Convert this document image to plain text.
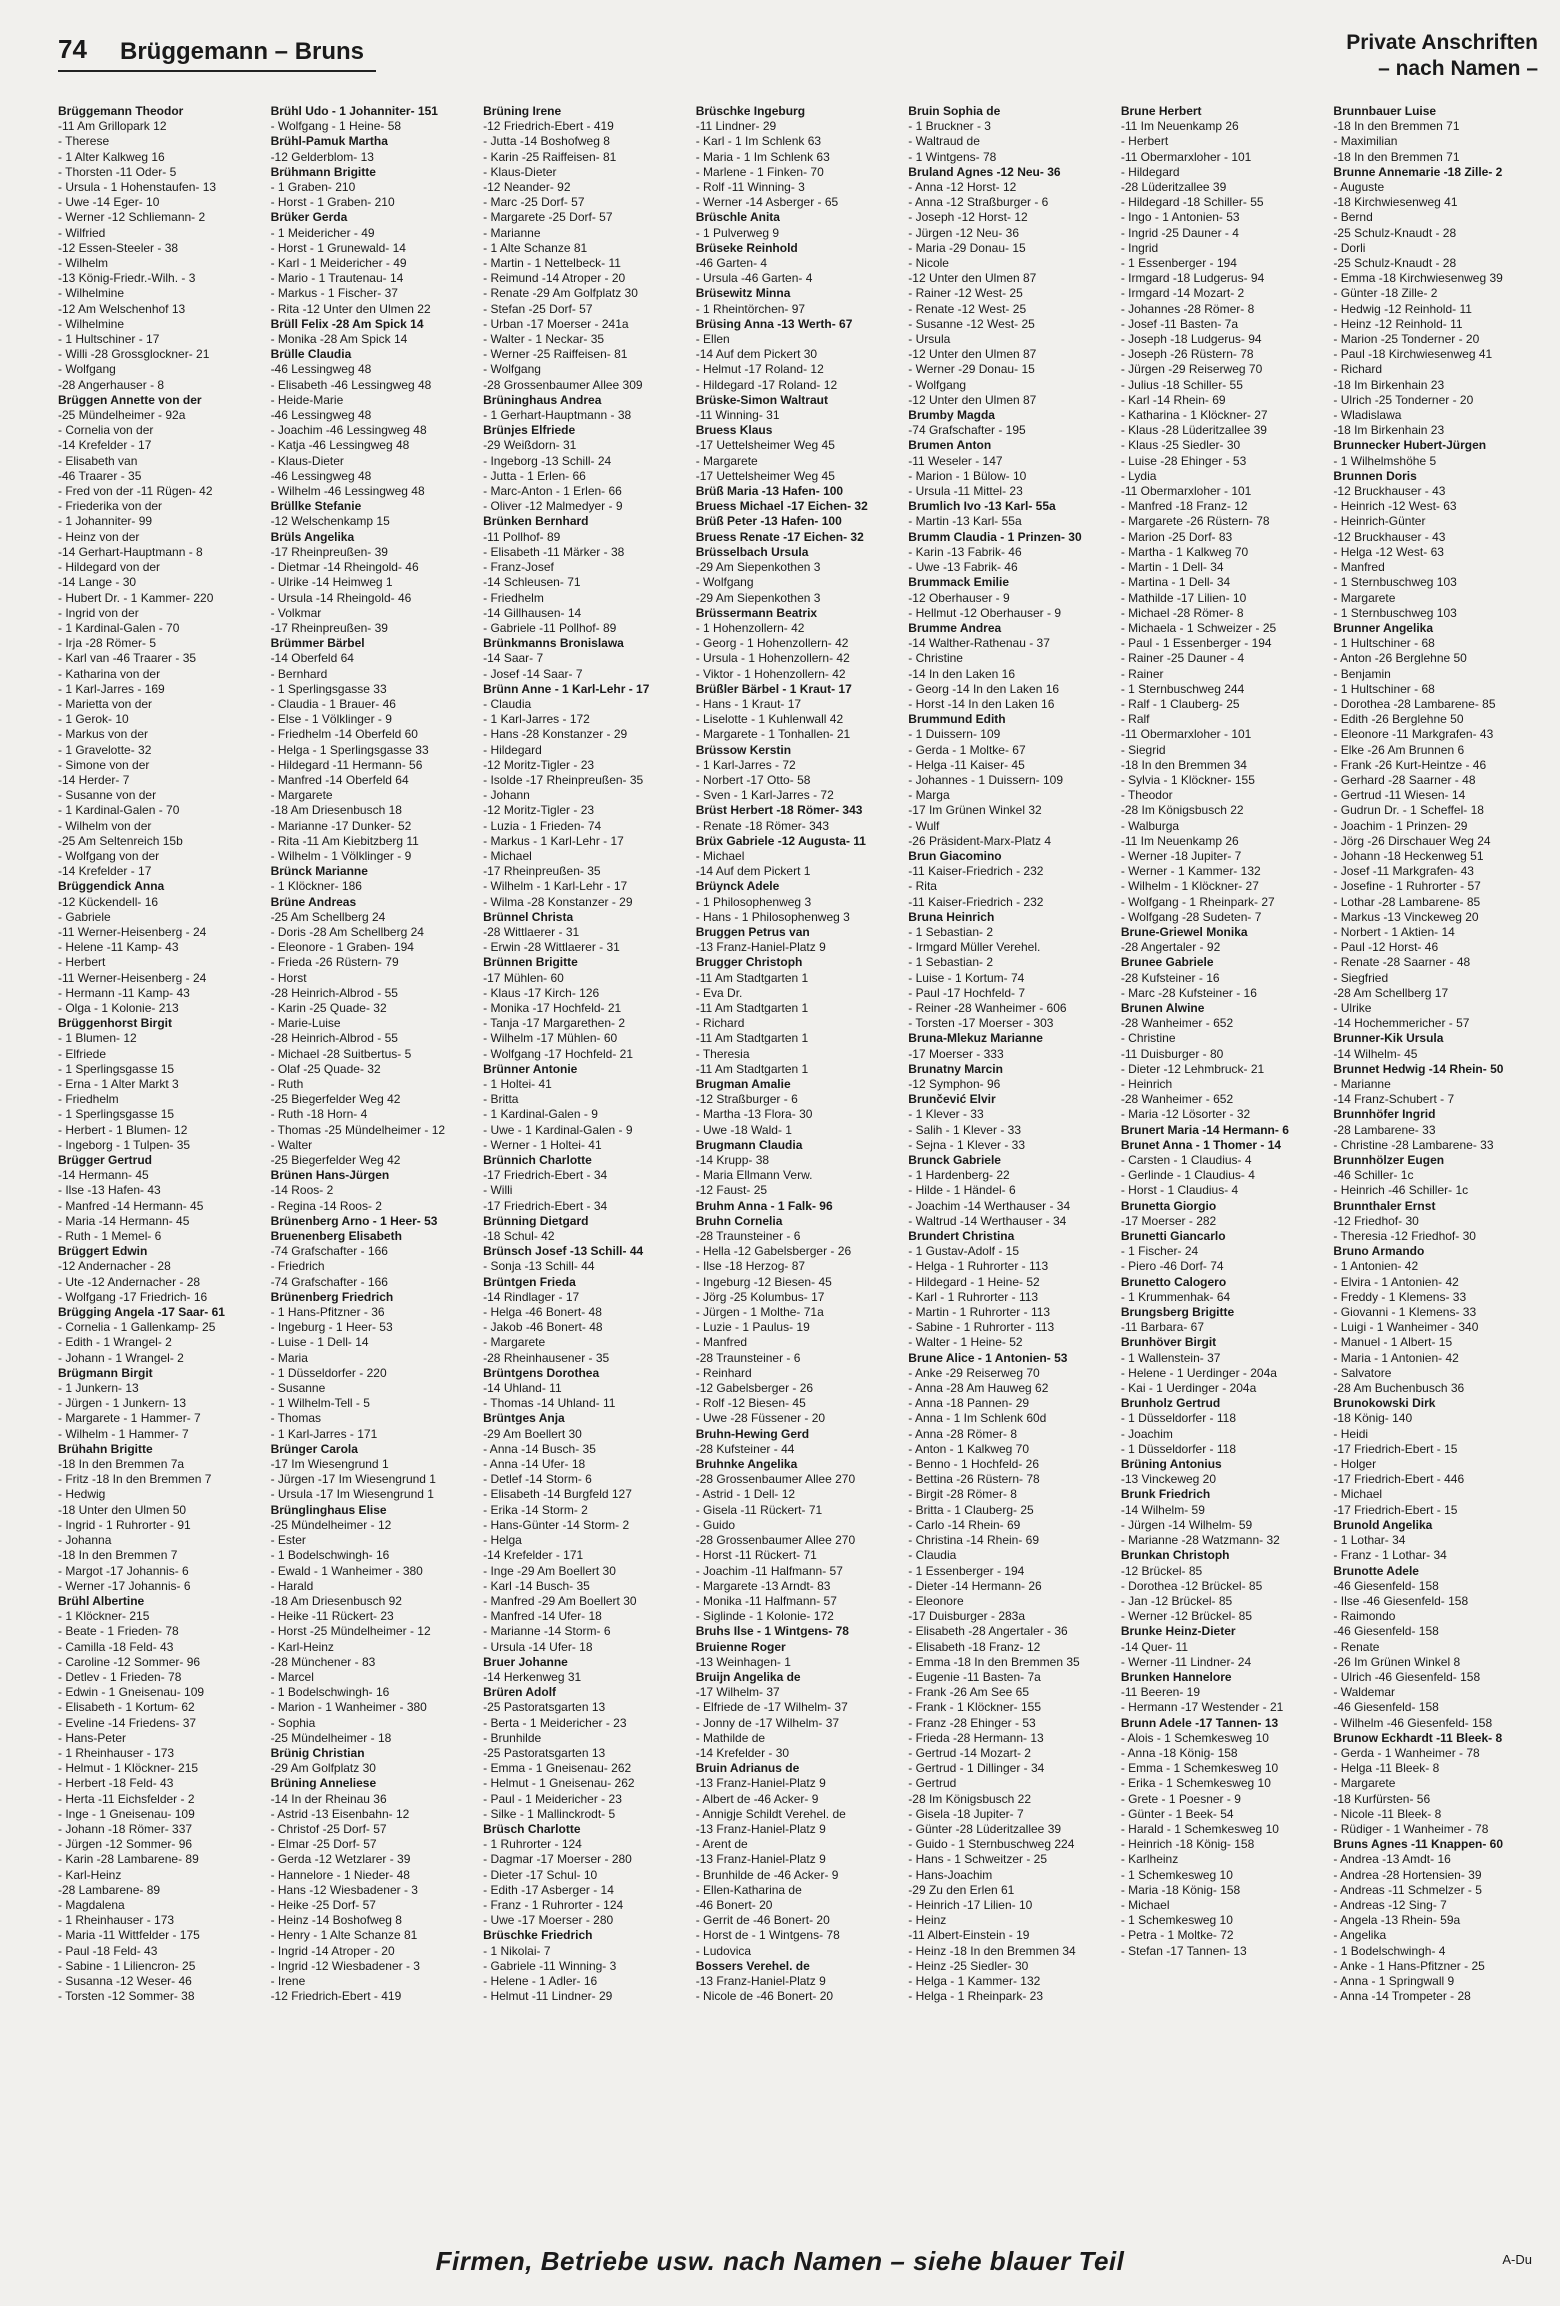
74 Brüggemann – Bruns	Private Anschriften
– nach Namen –
Brüggemann Theodor
-11 Am Grillopark 12
- Therese
- 1 Alter Kalkweg 16
- Thorsten -11 Oder- 5
- Ursula - 1 Hohenstaufen- 13
- Uwe -14 Eger- 10
- Werner -12 Schliemann- 2
- Wilfried
-12 Essen-Steeler - 38
- Wilhelm
-13 König-Friedr.-Wilh. - 3
- Wilhelmine
-12 Am Welschenhof 13
- Wilhelmine
- 1 Hultschiner - 17
- Willi -28 Grossglockner- 21
- Wolfgang
-28 Angerhauser - 8
Brüggen Annette von der
-25 Mündelheimer - 92a
- Cornelia von der
-14 Krefelder - 17
- Elisabeth van
-46 Traarer - 35
- Fred von der -11 Rügen- 42
- Friederika von der
- 1 Johanniter- 99
- Heinz von der
-14 Gerhart-Hauptmann - 8
- Hildegard von der
-14 Lange - 30
- Hubert Dr. - 1 Kammer- 220
- Ingrid von der
- 1 Kardinal-Galen - 70
- Irja -28 Römer- 5
- Karl van -46 Traarer - 35
- Katharina von der
- 1 Karl-Jarres - 169
- Marietta von der
- 1 Gerok- 10
- Markus von der
- 1 Gravelotte- 32
- Simone von der
-14 Herder- 7
- Susanne von der
- 1 Kardinal-Galen - 70
- Wilhelm von der
-25 Am Seltenreich 15b
- Wolfgang von der
-14 Krefelder - 17
Brüggendick Anna
-12 Kückendell- 16
- Gabriele
-11 Werner-Heisenberg - 24
- Helene -11 Kamp- 43
- Herbert
-11 Werner-Heisenberg - 24
- Hermann -11 Kamp- 43
- Olga - 1 Kolonie- 213
Brüggenhorst Birgit
- 1 Blumen- 12
- Elfriede
- 1 Sperlingsgasse 15
- Erna - 1 Alter Markt 3
- Friedhelm
- 1 Sperlingsgasse 15
- Herbert - 1 Blumen- 12
- Ingeborg - 1 Tulpen- 35
Brügger Gertrud
-14 Hermann- 45
- Ilse -13 Hafen- 43
- Manfred -14 Hermann- 45
- Maria -14 Hermann- 45
- Ruth - 1 Memel- 6
Brüggert Edwin
-12 Andernacher - 28
- Ute -12 Andernacher - 28
- Wolfgang -17 Friedrich- 16
Brügging Angela -17 Saar- 61
- Cornelia - 1 Gallenkamp- 25
- Edith - 1 Wrangel- 2
- Johann - 1 Wrangel- 2
Brügmann Birgit
- 1 Junkern- 13
- Jürgen - 1 Junkern- 13
- Margarete - 1 Hammer- 7
- Wilhelm - 1 Hammer- 7
Brühahn Brigitte
-18 In den Bremmen 7a
- Fritz -18 In den Bremmen 7
- Hedwig
-18 Unter den Ulmen 50
- Ingrid - 1 Ruhrorter - 91
- Johanna
-18 In den Bremmen 7
- Margot -17 Johannis- 6
- Werner -17 Johannis- 6
Brühl Albertine
- 1 Klöckner- 215
- Beate - 1 Frieden- 78
- Camilla -18 Feld- 43
- Caroline -12 Sommer- 96
- Detlev - 1 Frieden- 78
- Edwin - 1 Gneisenau- 109
- Elisabeth - 1 Kortum- 62
- Eveline -14 Friedens- 37
- Hans-Peter
- 1 Rheinhauser - 173
- Helmut - 1 Klöckner- 215
- Herbert -18 Feld- 43
- Herta -11 Eichsfelder - 2
- Inge - 1 Gneisenau- 109
- Johann -18 Römer- 337
- Jürgen -12 Sommer- 96
- Karin -28 Lambarene- 89
- Karl-Heinz
-28 Lambarene- 89
- Magdalena
- 1 Rheinhauser - 173
- Maria -11 Wittfelder - 175
- Paul -18 Feld- 43
- Sabine - 1 Liliencron- 25
- Susanna -12 Weser- 46
- Torsten -12 Sommer- 38
Brühl Udo - 1 Johanniter- 151
- Wolfgang - 1 Heine- 58
Brühl-Pamuk Martha
-12 Gelderblom- 13
Brühmann Brigitte
- 1 Graben- 210
- Horst - 1 Graben- 210
Brüker Gerda
- 1 Meidericher - 49
- Horst - 1 Grunewald- 14
- Karl - 1 Meidericher - 49
- Mario - 1 Trautenau- 14
- Markus - 1 Fischer- 37
- Rita -12 Unter den Ulmen 22
Brüll Felix -28 Am Spick 14
- Monika -28 Am Spick 14
Brülle Claudia
-46 Lessingweg 48
- Elisabeth -46 Lessingweg 48
- Heide-Marie
-46 Lessingweg 48
- Joachim -46 Lessingweg 48
- Katja -46 Lessingweg 48
- Klaus-Dieter
-46 Lessingweg 48
- Wilhelm -46 Lessingweg 48
Brüllke Stefanie
-12 Welschenkamp 15
Brüls Angelika
-17 Rheinpreußen- 39
- Dietmar -14 Rheingold- 46
- Ulrike -14 Heimweg 1
- Ursula -14 Rheingold- 46
- Volkmar
-17 Rheinpreußen- 39
Brümmer Bärbel
-14 Oberfeld 64
- Bernhard
- 1 Sperlingsgasse 33
- Claudia - 1 Brauer- 46
- Else - 1 Völklinger - 9
- Friedhelm -14 Oberfeld 60
- Helga - 1 Sperlingsgasse 33
- Hildegard -11 Hermann- 56
- Manfred -14 Oberfeld 64
- Margarete
-18 Am Driesenbusch 18
- Marianne -17 Dunker- 52
- Rita -11 Am Kiebitzberg 11
- Wilhelm - 1 Völklinger - 9
Brünck Marianne
- 1 Klöckner- 186
Brüne Andreas
-25 Am Schellberg 24
- Doris -28 Am Schellberg 24
- Eleonore - 1 Graben- 194
- Frieda -26 Rüstern- 79
- Horst
-28 Heinrich-Albrod - 55
- Karin -25 Quade- 32
- Marie-Luise
-28 Heinrich-Albrod - 55
- Michael -28 Suitbertus- 5
- Olaf -25 Quade- 32
- Ruth
-25 Biegerfelder Weg 42
- Ruth -18 Horn- 4
- Thomas -25 Mündelheimer - 12
- Walter
-25 Biegerfelder Weg 42
Brünen Hans-Jürgen
-14 Roos- 2
- Regina -14 Roos- 2
Brünenberg Arno - 1 Heer- 53
Bruenenberg Elisabeth
-74 Grafschafter - 166
- Friedrich
-74 Grafschafter - 166
Brünenberg Friedrich
- 1 Hans-Pfitzner - 36
- Ingeburg - 1 Heer- 53
- Luise - 1 Dell- 14
- Maria
- 1 Düsseldorfer - 220
- Susanne
- 1 Wilhelm-Tell - 5
- Thomas
- 1 Karl-Jarres - 171
Brünger Carola
-17 Im Wiesengrund 1
- Jürgen -17 Im Wiesengrund 1
- Ursula -17 Im Wiesengrund 1
Brünglinghaus Elise
-25 Mündelheimer - 12
- Ester
- 1 Bodelschwingh- 16
- Ewald - 1 Wanheimer - 380
- Harald
-18 Am Driesenbusch 92
- Heike -11 Rückert- 23
- Horst -25 Mündelheimer - 12
- Karl-Heinz
-28 Münchener - 83
- Marcel
- 1 Bodelschwingh- 16
- Marion - 1 Wanheimer - 380
- Sophia
-25 Mündelheimer - 18
Brünig Christian
-29 Am Golfplatz 30
Brüning Anneliese
-14 In der Rheinau 36
- Astrid -13 Eisenbahn- 12
- Christof -25 Dorf- 57
- Elmar -25 Dorf- 57
- Gerda -12 Wetzlarer - 39
- Hannelore - 1 Nieder- 48
- Hans -12 Wiesbadener - 3
- Heike -25 Dorf- 57
- Heinz -14 Boshofweg 8
- Henry - 1 Alte Schanze 81
- Ingrid -14 Atroper - 20
- Ingrid -12 Wiesbadener - 3
- Irene
-12 Friedrich-Ebert - 419
Brüning Irene
-12 Friedrich-Ebert - 419
- Jutta -14 Boshofweg 8
- Karin -25 Raiffeisen- 81
- Klaus-Dieter
-12 Neander- 92
- Marc -25 Dorf- 57
- Margarete -25 Dorf- 57
- Marianne
- 1 Alte Schanze 81
- Martin - 1 Nettelbeck- 11
- Reimund -14 Atroper - 20
- Renate -29 Am Golfplatz 30
- Stefan -25 Dorf- 57
- Urban -17 Moerser - 241a
- Walter - 1 Neckar- 35
- Werner -25 Raiffeisen- 81
- Wolfgang
-28 Grossenbaumer Allee 309
Brüninghaus Andrea
- 1 Gerhart-Hauptmann - 38
Brünjes Elfriede
-29 Weißdorn- 31
- Ingeborg -13 Schill- 24
- Jutta - 1 Erlen- 66
- Marc-Anton - 1 Erlen- 66
- Oliver -12 Malmedyer - 9
Brünken Bernhard
-11 Pollhof- 89
- Elisabeth -11 Märker - 38
- Franz-Josef
-14 Schleusen- 71
- Friedhelm
-14 Gillhausen- 14
- Gabriele -11 Pollhof- 89
Brünkmanns Bronislawa
-14 Saar- 7
- Josef -14 Saar- 7
Brünn Anne - 1 Karl-Lehr - 17
- Claudia
- 1 Karl-Jarres - 172
- Hans -28 Konstanzer - 29
- Hildegard
-12 Moritz-Tigler - 23
- Isolde -17 Rheinpreußen- 35
- Johann
-12 Moritz-Tigler - 23
- Luzia - 1 Frieden- 74
- Markus - 1 Karl-Lehr - 17
- Michael
-17 Rheinpreußen- 35
- Wilhelm - 1 Karl-Lehr - 17
- Wilma -28 Konstanzer - 29
Brünnel Christa
-28 Wittlaerer - 31
- Erwin -28 Wittlaerer - 31
Brünnen Brigitte
-17 Mühlen- 60
- Klaus -17 Kirch- 126
- Monika -17 Hochfeld- 21
- Tanja -17 Margarethen- 2
- Wilhelm -17 Mühlen- 60
- Wolfgang -17 Hochfeld- 21
Brünner Antonie
- 1 Holtei- 41
- Britta
- 1 Kardinal-Galen - 9
- Uwe - 1 Kardinal-Galen - 9
- Werner - 1 Holtei- 41
Brünnich Charlotte
-17 Friedrich-Ebert - 34
- Willi
-17 Friedrich-Ebert - 34
Brünning Dietgard
-18 Schul- 42
Brünsch Josef -13 Schill- 44
- Sonja -13 Schill- 44
Brüntgen Frieda
-14 Rindlager - 17
- Helga -46 Bonert- 48
- Jakob -46 Bonert- 48
- Margarete
-28 Rheinhausener - 35
Brüntgens Dorothea
-14 Uhland- 11
- Thomas -14 Uhland- 11
Brüntges Anja
-29 Am Boellert 30
- Anna -14 Busch- 35
- Anna -14 Ufer- 18
- Detlef -14 Storm- 6
- Elisabeth -14 Burgfeld 127
- Erika -14 Storm- 2
- Hans-Günter -14 Storm- 2
- Helga
-14 Krefelder - 171
- Inge -29 Am Boellert 30
- Karl -14 Busch- 35
- Manfred -29 Am Boellert 30
- Manfred -14 Ufer- 18
- Marianne -14 Storm- 6
- Ursula -14 Ufer- 18
Bruer Johanne
-14 Herkenweg 31
Brüren Adolf
-25 Pastoratsgarten 13
- Berta - 1 Meidericher - 23
- Brunhilde
-25 Pastoratsgarten 13
- Emma - 1 Gneisenau- 262
- Helmut - 1 Gneisenau- 262
- Paul - 1 Meidericher - 23
- Silke - 1 Mallinckrodt- 5
Brüsch Charlotte
- 1 Ruhrorter - 124
- Dagmar -17 Moerser - 280
- Dieter -17 Schul- 10
- Edith -17 Asberger - 14
- Franz - 1 Ruhrorter - 124
- Uwe -17 Moerser - 280
Brüschke Friedrich
- 1 Nikolai- 7
- Gabriele -11 Winning- 3
- Helene - 1 Adler- 16
- Helmut -11 Lindner- 29
Brüschke Ingeburg
-11 Lindner- 29
- Karl - 1 Im Schlenk 63
- Maria - 1 Im Schlenk 63
- Marlene - 1 Finken- 70
- Rolf -11 Winning- 3
- Werner -14 Asberger - 65
Brüschle Anita
- 1 Pulverweg 9
Brüseke Reinhold
-46 Garten- 4
- Ursula -46 Garten- 4
Brüsewitz Minna
- 1 Rheintörchen- 97
Brüsing Anna -13 Werth- 67
- Ellen
-14 Auf dem Pickert 30
- Helmut -17 Roland- 12
- Hildegard -17 Roland- 12
Brüske-Simon Waltraut
-11 Winning- 31
Bruess Klaus
-17 Uettelsheimer Weg 45
- Margarete
-17 Uettelsheimer Weg 45
Brüß Maria -13 Hafen- 100
Bruess Michael -17 Eichen- 32
Brüß Peter -13 Hafen- 100
Bruess Renate -17 Eichen- 32
Brüsselbach Ursula
-29 Am Siepenkothen 3
- Wolfgang
-29 Am Siepenkothen 3
Brüssermann Beatrix
- 1 Hohenzollern- 42
- Georg - 1 Hohenzollern- 42
- Ursula - 1 Hohenzollern- 42
- Viktor - 1 Hohenzollern- 42
Brüßler Bärbel - 1 Kraut- 17
- Hans - 1 Kraut- 17
- Liselotte - 1 Kuhlenwall 42
- Margarete - 1 Tonhallen- 21
Brüssow Kerstin
- 1 Karl-Jarres - 72
- Norbert -17 Otto- 58
- Sven - 1 Karl-Jarres - 72
Brüst Herbert -18 Römer- 343
- Renate -18 Römer- 343
Brüx Gabriele -12 Augusta- 11
- Michael
-14 Auf dem Pickert 1
Brüynck Adele
- 1 Philosophenweg 3
- Hans - 1 Philosophenweg 3
Bruggen Petrus van
-13 Franz-Haniel-Platz 9
Brugger Christoph
-11 Am Stadtgarten 1
- Eva Dr.
-11 Am Stadtgarten 1
- Richard
-11 Am Stadtgarten 1
- Theresia
-11 Am Stadtgarten 1
Brugman Amalie
-12 Straßburger - 6
- Martha -13 Flora- 30
- Uwe -18 Wald- 1
Brugmann Claudia
-14 Krupp- 38
- Maria Ellmann Verw.
-12 Faust- 25
Bruhm Anna - 1 Falk- 96
Bruhn Cornelia
-28 Traunsteiner - 6
- Hella -12 Gabelsberger - 26
- Ilse -18 Herzog- 87
- Ingeburg -12 Biesen- 45
- Jörg -25 Kolumbus- 17
- Jürgen - 1 Molthe- 71a
- Luzie - 1 Paulus- 19
- Manfred
-28 Traunsteiner - 6
- Reinhard
-12 Gabelsberger - 26
- Rolf -12 Biesen- 45
- Uwe -28 Füssener - 20
Bruhn-Hewing Gerd
-28 Kufsteiner - 44
Bruhnke Angelika
-28 Grossenbaumer Allee 270
- Astrid - 1 Dell- 12
- Gisela -11 Rückert- 71
- Guido
-28 Grossenbaumer Allee 270
- Horst -11 Rückert- 71
- Joachim -11 Halfmann- 57
- Margarete -13 Arndt- 83
- Monika -11 Halfmann- 57
- Siglinde - 1 Kolonie- 172
Bruhs Ilse - 1 Wintgens- 78
Bruienne Roger
-13 Weinhagen- 1
Bruijn Angelika de
-17 Wilhelm- 37
- Elfriede de -17 Wilhelm- 37
- Jonny de -17 Wilhelm- 37
- Mathilde de
-14 Krefelder - 30
Bruin Adrianus de
-13 Franz-Haniel-Platz 9
- Albert de -46 Acker- 9
- Annigje Schildt Verehel. de
-13 Franz-Haniel-Platz 9
- Arent de
-13 Franz-Haniel-Platz 9
- Brunhilde de -46 Acker- 9
- Ellen-Katharina de
-46 Bonert- 20
- Gerrit de -46 Bonert- 20
- Horst de - 1 Wintgens- 78
- Ludovica
Bossers Verehel. de
-13 Franz-Haniel-Platz 9
- Nicole de -46 Bonert- 20
Bruin Sophia de
- 1 Bruckner - 3
- Waltraud de
- 1 Wintgens- 78
Bruland Agnes -12 Neu- 36
- Anna -12 Horst- 12
- Anna -12 Straßburger - 6
- Joseph -12 Horst- 12
- Jürgen -12 Neu- 36
- Maria -29 Donau- 15
- Nicole
-12 Unter den Ulmen 87
- Rainer -12 West- 25
- Renate -12 West- 25
- Susanne -12 West- 25
- Ursula
-12 Unter den Ulmen 87
- Werner -29 Donau- 15
- Wolfgang
-12 Unter den Ulmen 87
Brumby Magda
-74 Grafschafter - 195
Brumen Anton
-11 Weseler - 147
- Marion - 1 Bülow- 10
- Ursula -11 Mittel- 23
Brumlich Ivo -13 Karl- 55a
- Martin -13 Karl- 55a
Brumm Claudia - 1 Prinzen- 30
- Karin -13 Fabrik- 46
- Uwe -13 Fabrik- 46
Brummack Emilie
-12 Oberhauser - 9
- Hellmut -12 Oberhauser - 9
Brumme Andrea
-14 Walther-Rathenau - 37
- Christine
-14 In den Laken 16
- Georg -14 In den Laken 16
- Horst -14 In den Laken 16
Brummund Edith
- 1 Duissern- 109
- Gerda - 1 Moltke- 67
- Helga -11 Kaiser- 45
- Johannes - 1 Duissern- 109
- Marga
-17 Im Grünen Winkel 32
- Wulf
-26 Präsident-Marx-Platz 4
Brun Giacomino
-11 Kaiser-Friedrich - 232
- Rita
-11 Kaiser-Friedrich - 232
Bruna Heinrich
- 1 Sebastian- 2
- Irmgard Müller Verehel.
- 1 Sebastian- 2
- Luise - 1 Kortum- 74
- Paul -17 Hochfeld- 7
- Reiner -28 Wanheimer - 606
- Torsten -17 Moerser - 303
Bruna-Mlekuz Marianne
-17 Moerser - 333
Brunatny Marcin
-12 Symphon- 96
Brunčević Elvir
- 1 Klever - 33
- Salih - 1 Klever - 33
- Sejna - 1 Klever - 33
Brunck Gabriele
- 1 Hardenberg- 22
- Hilde - 1 Händel- 6
- Joachim -14 Werthauser - 34
- Waltrud -14 Werthauser - 34
Brundert Christina
- 1 Gustav-Adolf - 15
- Helga - 1 Ruhrorter - 113
- Hildegard - 1 Heine- 52
- Karl - 1 Ruhrorter - 113
- Martin - 1 Ruhrorter - 113
- Sabine - 1 Ruhrorter - 113
- Walter - 1 Heine- 52
Brune Alice - 1 Antonien- 53
- Anke -29 Reiserweg 70
- Anna -28 Am Hauweg 62
- Anna -18 Pannen- 29
- Anna - 1 Im Schlenk 60d
- Anna -28 Römer- 8
- Anton - 1 Kalkweg 70
- Benno - 1 Hochfeld- 26
- Bettina -26 Rüstern- 78
- Birgit -28 Römer- 8
- Britta - 1 Clauberg- 25
- Carlo -14 Rhein- 69
- Christina -14 Rhein- 69
- Claudia
- 1 Essenberger - 194
- Dieter -14 Hermann- 26
- Eleonore
-17 Duisburger - 283a
- Elisabeth -28 Angertaler - 36
- Elisabeth -18 Franz- 12
- Emma -18 In den Bremmen 35
- Eugenie -11 Basten- 7a
- Frank -26 Am See 65
- Frank - 1 Klöckner- 155
- Franz -28 Ehinger - 53
- Frieda -28 Hermann- 13
- Gertrud -14 Mozart- 2
- Gertrud - 1 Dillinger - 34
- Gertrud
-28 Im Königsbusch 22
- Gisela -18 Jupiter- 7
- Günter -28 Lüderitzallee 39
- Guido - 1 Sternbuschweg 224
- Hans - 1 Schweitzer - 25
- Hans-Joachim
-29 Zu den Erlen 61
- Heinrich -17 Lilien- 10
- Heinz
-11 Albert-Einstein - 19
- Heinz -18 In den Bremmen 34
- Heinz -25 Siedler- 30
- Helga - 1 Kammer- 132
- Helga - 1 Rheinpark- 23
Brune Herbert
-11 Im Neuenkamp 26
- Herbert
-11 Obermarxloher - 101
- Hildegard
-28 Lüderitzallee 39
- Hildegard -18 Schiller- 55
- Ingo - 1 Antonien- 53
- Ingrid -25 Dauner - 4
- Ingrid
- 1 Essenberger - 194
- Irmgard -18 Ludgerus- 94
- Irmgard -14 Mozart- 2
- Johannes -28 Römer- 8
- Josef -11 Basten- 7a
- Joseph -18 Ludgerus- 94
- Joseph -26 Rüstern- 78
- Jürgen -29 Reiserweg 70
- Julius -18 Schiller- 55
- Karl -14 Rhein- 69
- Katharina - 1 Klöckner- 27
- Klaus -28 Lüderitzallee 39
- Klaus -25 Siedler- 30
- Luise -28 Ehinger - 53
- Lydia
-11 Obermarxloher - 101
- Manfred -18 Franz- 12
- Margarete -26 Rüstern- 78
- Marion -25 Dorf- 83
- Martha - 1 Kalkweg 70
- Martin - 1 Dell- 34
- Martina - 1 Dell- 34
- Mathilde -17 Lilien- 10
- Michael -28 Römer- 8
- Michaela - 1 Schweizer - 25
- Paul - 1 Essenberger - 194
- Rainer -25 Dauner - 4
- Rainer
- 1 Sternbuschweg 244
- Ralf - 1 Clauberg- 25
- Ralf
-11 Obermarxloher - 101
- Siegrid
-18 In den Bremmen 34
- Sylvia - 1 Klöckner- 155
- Theodor
-28 Im Königsbusch 22
- Walburga
-11 Im Neuenkamp 26
- Werner -18 Jupiter- 7
- Werner - 1 Kammer- 132
- Wilhelm - 1 Klöckner- 27
- Wolfgang - 1 Rheinpark- 27
- Wolfgang -28 Sudeten- 7
Brune-Griewel Monika
-28 Angertaler - 92
Brunee Gabriele
-28 Kufsteiner - 16
- Marc -28 Kufsteiner - 16
Brunen Alwine
-28 Wanheimer - 652
- Christine
-11 Duisburger - 80
- Dieter -12 Lehmbruck- 21
- Heinrich
-28 Wanheimer - 652
- Maria -12 Lösorter - 32
Brunert Maria -14 Hermann- 6
Brunet Anna - 1 Thomer - 14
- Carsten - 1 Claudius- 4
- Gerlinde - 1 Claudius- 4
- Horst - 1 Claudius- 4
Brunetta Giorgio
-17 Moerser - 282
Brunetti Giancarlo
- 1 Fischer- 24
- Piero -46 Dorf- 74
Brunetto Calogero
- 1 Krummenhak- 64
Brungsberg Brigitte
-11 Barbara- 67
Brunhöver Birgit
- 1 Wallenstein- 37
- Helene - 1 Uerdinger - 204a
- Kai - 1 Uerdinger - 204a
Brunholz Gertrud
- 1 Düsseldorfer - 118
- Joachim
- 1 Düsseldorfer - 118
Brüning Antonius
-13 Vinckeweg 20
Brunk Friedrich
-14 Wilhelm- 59
- Jürgen -14 Wilhelm- 59
- Marianne -28 Watzmann- 32
Brunkan Christoph
-12 Brückel- 85
- Dorothea -12 Brückel- 85
- Jan -12 Brückel- 85
- Werner -12 Brückel- 85
Brunke Heinz-Dieter
-14 Quer- 11
- Werner -11 Lindner- 24
Brunken Hannelore
-11 Beeren- 19
- Hermann -17 Westender - 21
Brunn Adele -17 Tannen- 13
- Alois - 1 Schemkesweg 10
- Anna -18 König- 158
- Emma - 1 Schemkesweg 10
- Erika - 1 Schemkesweg 10
- Grete - 1 Poesner - 9
- Günter - 1 Beek- 54
- Harald - 1 Schemkesweg 10
- Heinrich -18 König- 158
- Karlheinz
- 1 Schemkesweg 10
- Maria -18 König- 158
- Michael
- 1 Schemkesweg 10
- Petra - 1 Moltke- 72
- Stefan -17 Tannen- 13
Brunnbauer Luise
-18 In den Bremmen 71
- Maximilian
-18 In den Bremmen 71
Brunne Annemarie -18 Zille- 2
- Auguste
-18 Kirchwiesenweg 41
- Bernd
-25 Schulz-Knaudt - 28
- Dorli
-25 Schulz-Knaudt - 28
- Emma -18 Kirchwiesenweg 39
- Günter -18 Zille- 2
- Hedwig -12 Reinhold- 11
- Heinz -12 Reinhold- 11
- Marion -25 Tonderner - 20
- Paul -18 Kirchwiesenweg 41
- Richard
-18 Im Birkenhain 23
- Ulrich -25 Tonderner - 20
- Wladislawa
-18 Im Birkenhain 23
Brunnecker Hubert-Jürgen
- 1 Wilhelmshöhe 5
Brunnen Doris
-12 Bruckhauser - 43
- Heinrich -12 West- 63
- Heinrich-Günter
-12 Bruckhauser - 43
- Helga -12 West- 63
- Manfred
- 1 Sternbuschweg 103
- Margarete
- 1 Sternbuschweg 103
Brunner Angelika
- 1 Hultschiner - 68
- Anton -26 Berglehne 50
- Benjamin
- 1 Hultschiner - 68
- Dorothea -28 Lambarene- 85
- Edith -26 Berglehne 50
- Eleonore -11 Markgrafen- 43
- Elke -26 Am Brunnen 6
- Frank -26 Kurt-Heintze - 46
- Gerhard -28 Saarner - 48
- Gertrud -11 Wiesen- 14
- Gudrun Dr. - 1 Scheffel- 18
- Joachim - 1 Prinzen- 29
- Jörg -26 Dirschauer Weg 24
- Johann -18 Heckenweg 51
- Josef -11 Markgrafen- 43
- Josefine - 1 Ruhrorter - 57
- Lothar -28 Lambarene- 85
- Markus -13 Vinckeweg 20
- Norbert - 1 Aktien- 14
- Paul -12 Horst- 46
- Renate -28 Saarner - 48
- Siegfried
-28 Am Schellberg 17
- Ulrike
-14 Hochemmericher - 57
Brunner-Kik Ursula
-14 Wilhelm- 45
Brunnet Hedwig -14 Rhein- 50
- Marianne
-14 Franz-Schubert - 7
Brunnhöfer Ingrid
-28 Lambarene- 33
- Christine -28 Lambarene- 33
Brunnhölzer Eugen
-46 Schiller- 1c
- Heinrich -46 Schiller- 1c
Brunnthaler Ernst
-12 Friedhof- 30
- Theresia -12 Friedhof- 30
Bruno Armando
- 1 Antonien- 42
- Elvira - 1 Antonien- 42
- Freddy - 1 Klemens- 33
- Giovanni - 1 Klemens- 33
- Luigi - 1 Wanheimer - 340
- Manuel - 1 Albert- 15
- Maria - 1 Antonien- 42
- Salvatore
-28 Am Buchenbusch 36
Brunokowski Dirk
-18 König- 140
- Heidi
-17 Friedrich-Ebert - 15
- Holger
-17 Friedrich-Ebert - 446
- Michael
-17 Friedrich-Ebert - 15
Brunold Angelika
- 1 Lothar- 34
- Franz - 1 Lothar- 34
Brunotte Adele
-46 Giesenfeld- 158
- Ilse -46 Giesenfeld- 158
- Raimondo
-46 Giesenfeld- 158
- Renate
-26 Im Grünen Winkel 8
- Ulrich -46 Giesenfeld- 158
- Waldemar
-46 Giesenfeld- 158
- Wilhelm -46 Giesenfeld- 158
Brunow Eckhardt -11 Bleek- 8
- Gerda - 1 Wanheimer - 78
- Helga -11 Bleek- 8
- Margarete
-18 Kurfürsten- 56
- Nicole -11 Bleek- 8
- Rüdiger - 1 Wanheimer - 78
Bruns Agnes -11 Knappen- 60
- Andrea -13 Amdt- 16
- Andrea -28 Hortensien- 39
- Andreas -11 Schmelzer - 5
- Andreas -12 Sing- 7
- Angela -13 Rhein- 59a
- Angelika
- 1 Bodelschwingh- 4
- Anke - 1 Hans-Pfitzner - 25
- Anna - 1 Springwall 9
- Anna -14 Trompeter - 28
Firmen, Betriebe usw. nach Namen – siehe blauer Teil	A-Du
